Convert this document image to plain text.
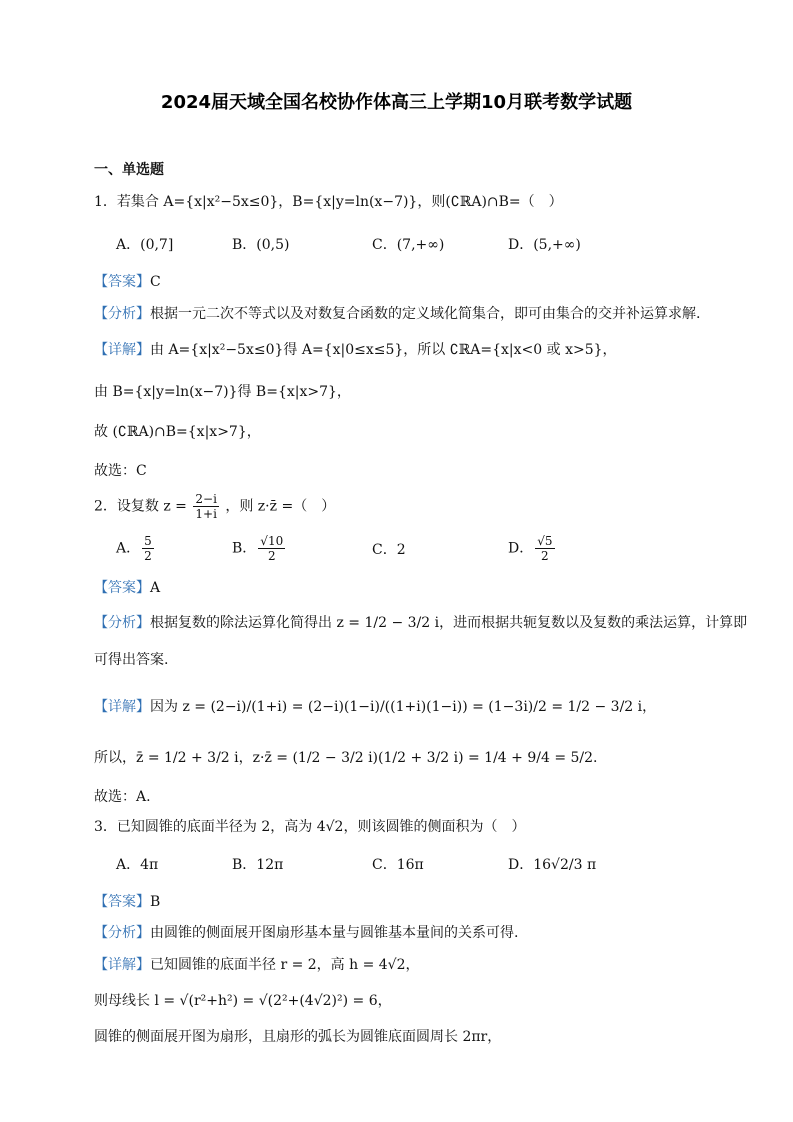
2024届天域全国名校协作体高三上学期10月联考数学试题
一、单选题
1．若集合 A={x|x²−5x≤0}，B={x|y=ln(x−7)}，则(∁ℝA)∩B=（　）
A．(0,7]	B．(0,5)	C．(7,+∞)	D．(5,+∞)
【答案】C
【分析】根据一元二次不等式以及对数复合函数的定义域化简集合，即可由集合的交并补运算求解.
【详解】由 A={x|x²−5x≤0}得 A={x|0≤x≤5}，所以 ∁ℝA={x|x<0 或 x>5}，
由 B={x|y=ln(x−7)}得 B={x|x>7}，
故 (∁ℝA)∩B={x|x>7}，
故选：C
2．设复数 $z = \frac{2-i}{1+i}$ ，则 z·z̄ =（　）
A． $\frac{5}{2}$	B． $\frac{√10}{2}$	C．2	D． $\frac{√5}{2}$
【答案】A
【分析】根据复数的除法运算化简得出 z = 1/2 − 3/2 i，进而根据共轭复数以及复数的乘法运算，计算即
可得出答案.
【详解】因为 z = (2−i)/(1+i) = (2−i)(1−i)/((1+i)(1−i)) = (1−3i)/2 = 1/2 − 3/2 i，
所以，z̄ = 1/2 + 3/2 i，z·z̄ = (1/2 − 3/2 i)(1/2 + 3/2 i) = 1/4 + 9/4 = 5/2.
故选：A.
3．已知圆锥的底面半径为 2，高为 4√2，则该圆锥的侧面积为（　）
A．4π	B．12π	C．16π	D．16√2/3 π
【答案】B
【分析】由圆锥的侧面展开图扇形基本量与圆锥基本量间的关系可得.
【详解】已知圆锥的底面半径 r = 2，高 h = 4√2，
则母线长 l = √(r²+h²) = √(2²+(4√2)²) = 6，
圆锥的侧面展开图为扇形，且扇形的弧长为圆锥底面圆周长 2πr，
